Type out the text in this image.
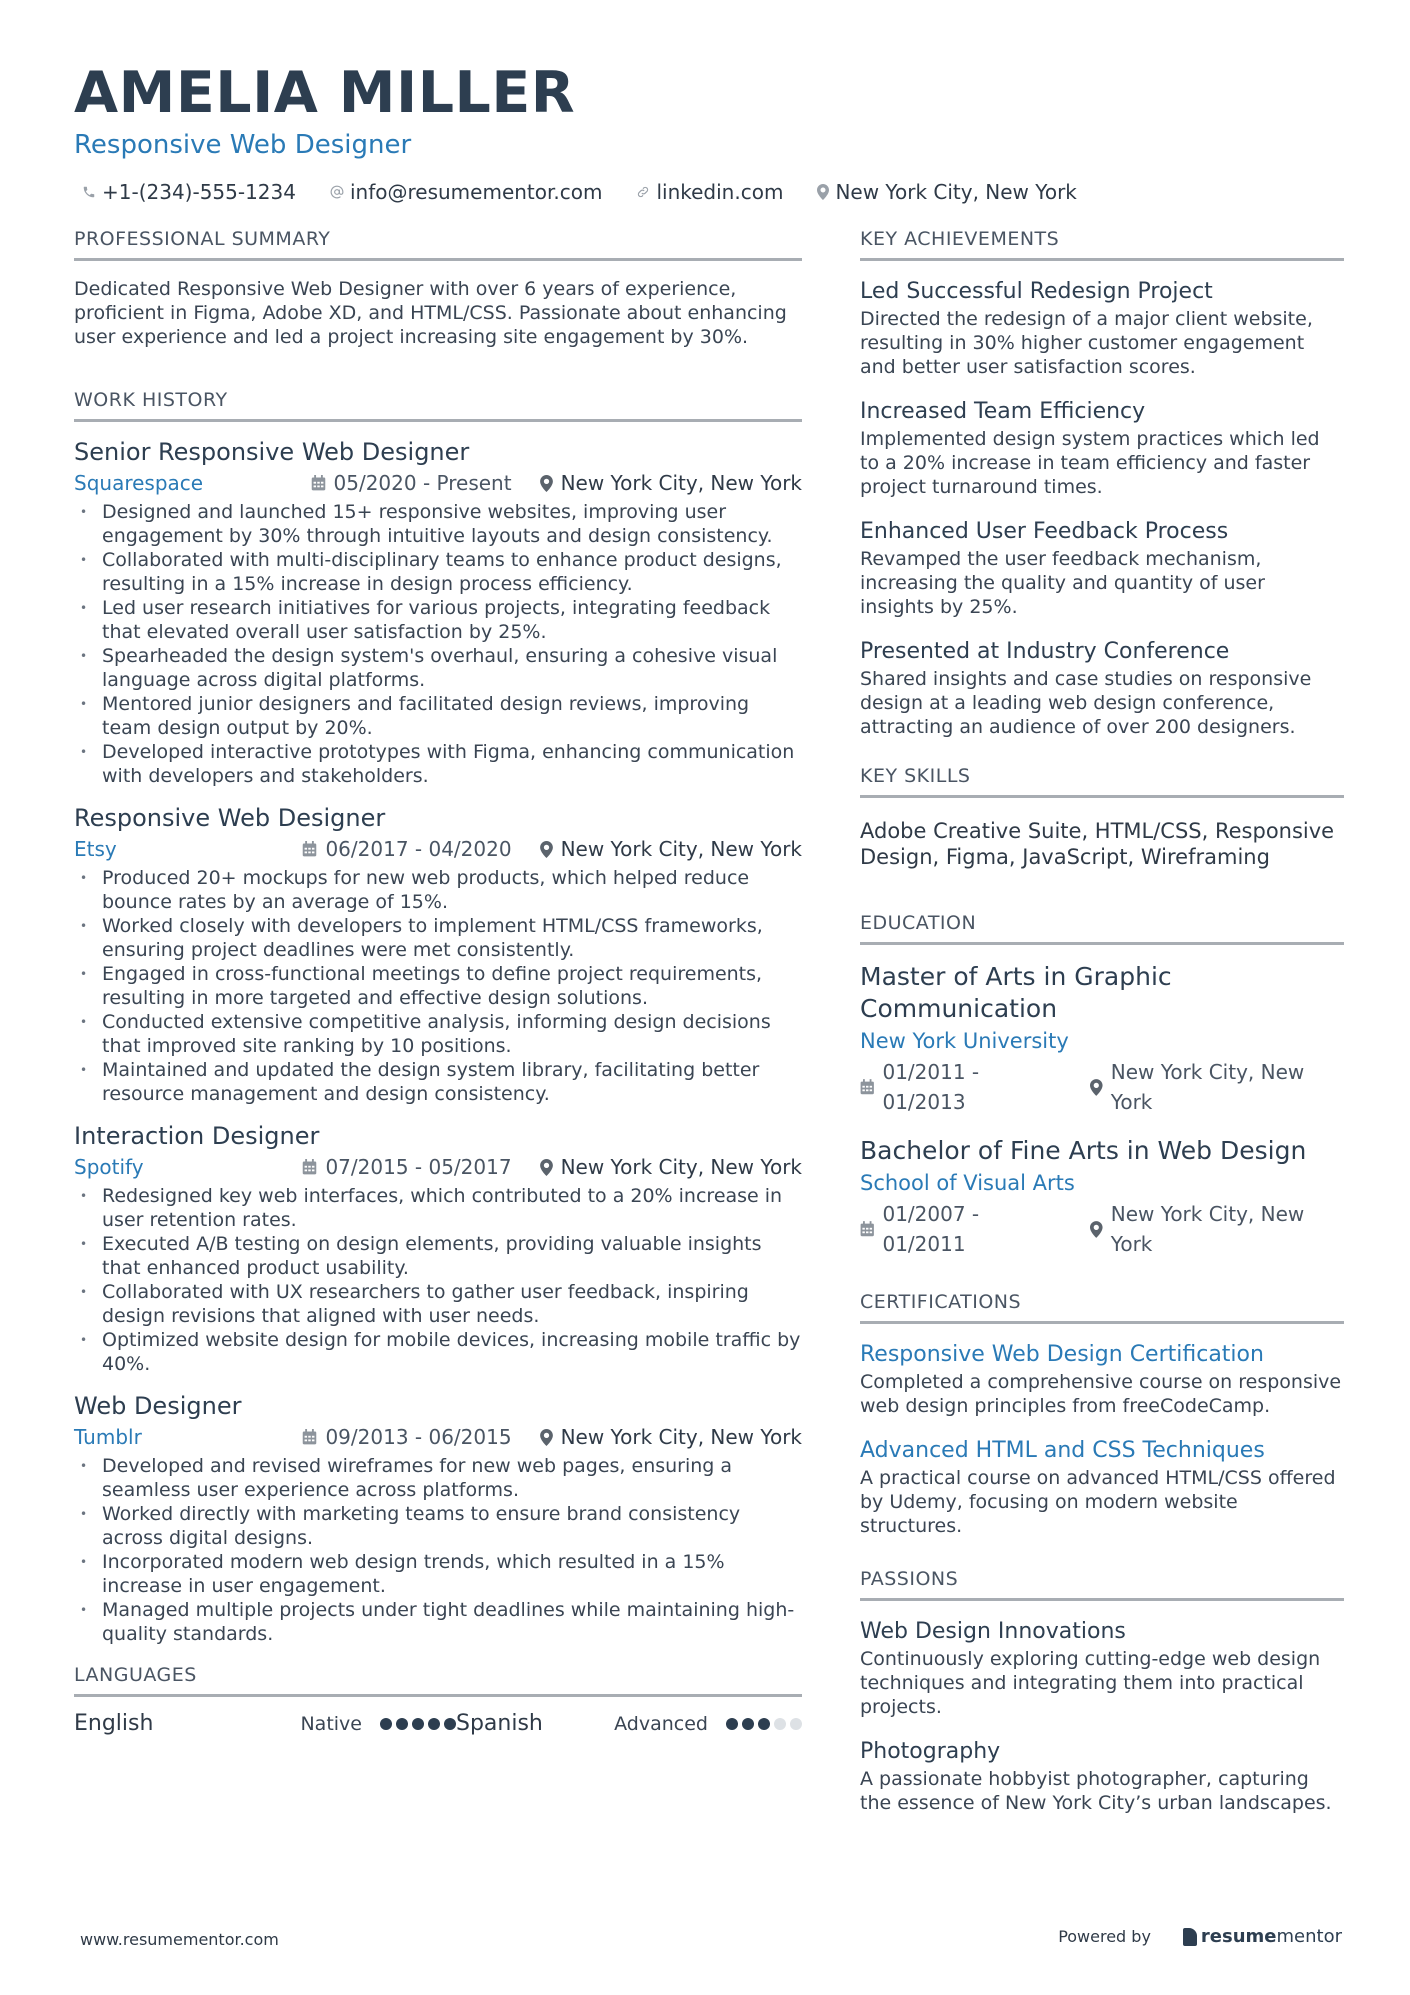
AMELIA MILLER
Responsive Web Designer
+1-(234)-555-1234	info@resumementor.com	linkedin.com	New York City, New York
PROFESSIONAL SUMMARY
Dedicated Responsive Web Designer with over 6 years of experience, proficient in Figma, Adobe XD, and HTML/CSS. Passionate about enhancing user experience and led a project increasing site engagement by 30%.
WORK HISTORY
Senior Responsive Web Designer
Squarespace	05/2020 - Present New York City, New York
• Designed and launched 15+ responsive websites, improving user engagement by 30% through intuitive layouts and design consistency.
• Collaborated with multi-disciplinary teams to enhance product designs, resulting in a 15% increase in design process efficiency.
• Led user research initiatives for various projects, integrating feedback that elevated overall user satisfaction by 25%.
• Spearheaded the design system's overhaul, ensuring a cohesive visual language across digital platforms.
• Mentored junior designers and facilitated design reviews, improving team design output by 20%.
• Developed interactive prototypes with Figma, enhancing communication with developers and stakeholders.
Responsive Web Designer
Etsy	06/2017 - 04/2020 New York City, New York
• Produced 20+ mockups for new web products, which helped reduce bounce rates by an average of 15%.
• Worked closely with developers to implement HTML/CSS frameworks, ensuring project deadlines were met consistently.
• Engaged in cross-functional meetings to define project requirements, resulting in more targeted and effective design solutions.
• Conducted extensive competitive analysis, informing design decisions that improved site ranking by 10 positions.
• Maintained and updated the design system library, facilitating better resource management and design consistency.
Interaction Designer
Spotify	07/2015 - 05/2017 New York City, New York
• Redesigned key web interfaces, which contributed to a 20% increase in user retention rates.
• Executed A/B testing on design elements, providing valuable insights that enhanced product usability.
• Collaborated with UX researchers to gather user feedback, inspiring design revisions that aligned with user needs.
• Optimized website design for mobile devices, increasing mobile traffic by 40%.
Web Designer
Tumblr	09/2013 - 06/2015 New York City, New York
• Developed and revised wireframes for new web pages, ensuring a seamless user experience across platforms.
• Worked directly with marketing teams to ensure brand consistency across digital designs.
• Incorporated modern web design trends, which resulted in a 15% increase in user engagement.
• Managed multiple projects under tight deadlines while maintaining high-quality standards.
LANGUAGES
English	Native	Spanish	Advanced
KEY ACHIEVEMENTS
Led Successful Redesign Project
Directed the redesign of a major client website, resulting in 30% higher customer engagement and better user satisfaction scores.
Increased Team Efficiency
Implemented design system practices which led to a 20% increase in team efficiency and faster project turnaround times.
Enhanced User Feedback Process
Revamped the user feedback mechanism, increasing the quality and quantity of user insights by 25%.
Presented at Industry Conference
Shared insights and case studies on responsive design at a leading web design conference, attracting an audience of over 200 designers.
KEY SKILLS
Adobe Creative Suite, HTML/CSS, Responsive Design, Figma, JavaScript, Wireframing
EDUCATION
Master of Arts in Graphic Communication
New York University
01/2011 - 01/2013
New York City, New York
Bachelor of Fine Arts in Web Design
School of Visual Arts
01/2007 - 01/2011
New York City, New York
CERTIFICATIONS
Responsive Web Design Certification
Completed a comprehensive course on responsive web design principles from freeCodeCamp.
Advanced HTML and CSS Techniques
A practical course on advanced HTML/CSS offered by Udemy, focusing on modern website structures.
PASSIONS
Web Design Innovations
Continuously exploring cutting-edge web design techniques and integrating them into practical projects.
Photography
A passionate hobbyist photographer, capturing the essence of New York City’s urban landscapes.
www.resumementor.com	Powered by	resume mentor
